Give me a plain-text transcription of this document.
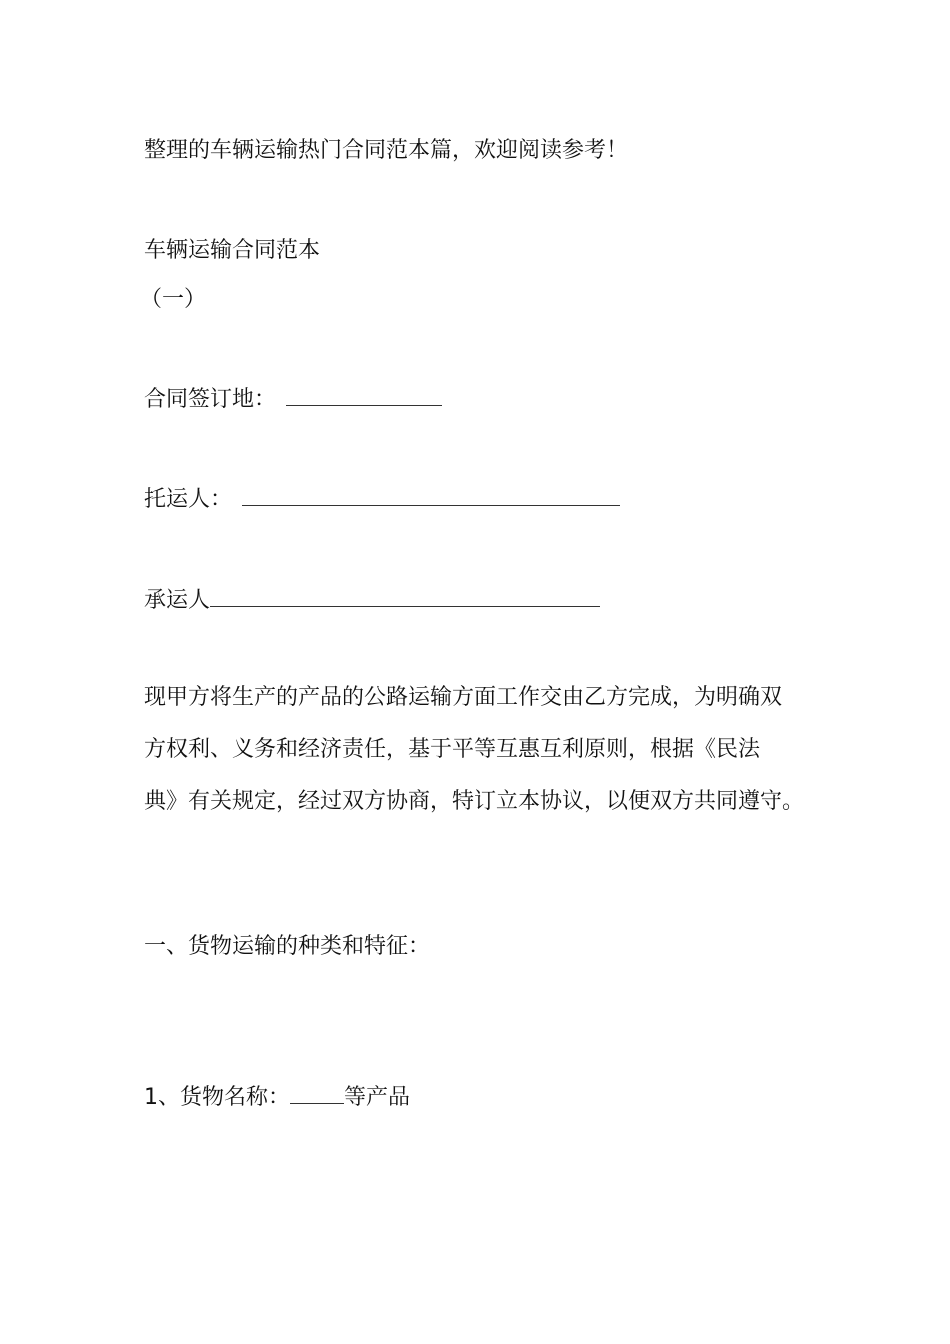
整理的车辆运输热门合同范本篇，欢迎阅读参考！
车辆运输合同范本
（一）
合同签订地：
托运人：
承运人
现甲方将生产的产品的公路运输方面工作交由乙方完成，为明确双
方权利、义务和经济责任，基于平等互惠互利原则，根据《民法
典》有关规定，经过双方协商，特订立本协议，以便双方共同遵守。
一、货物运输的种类和特征：
1、货物名称： 等产品
